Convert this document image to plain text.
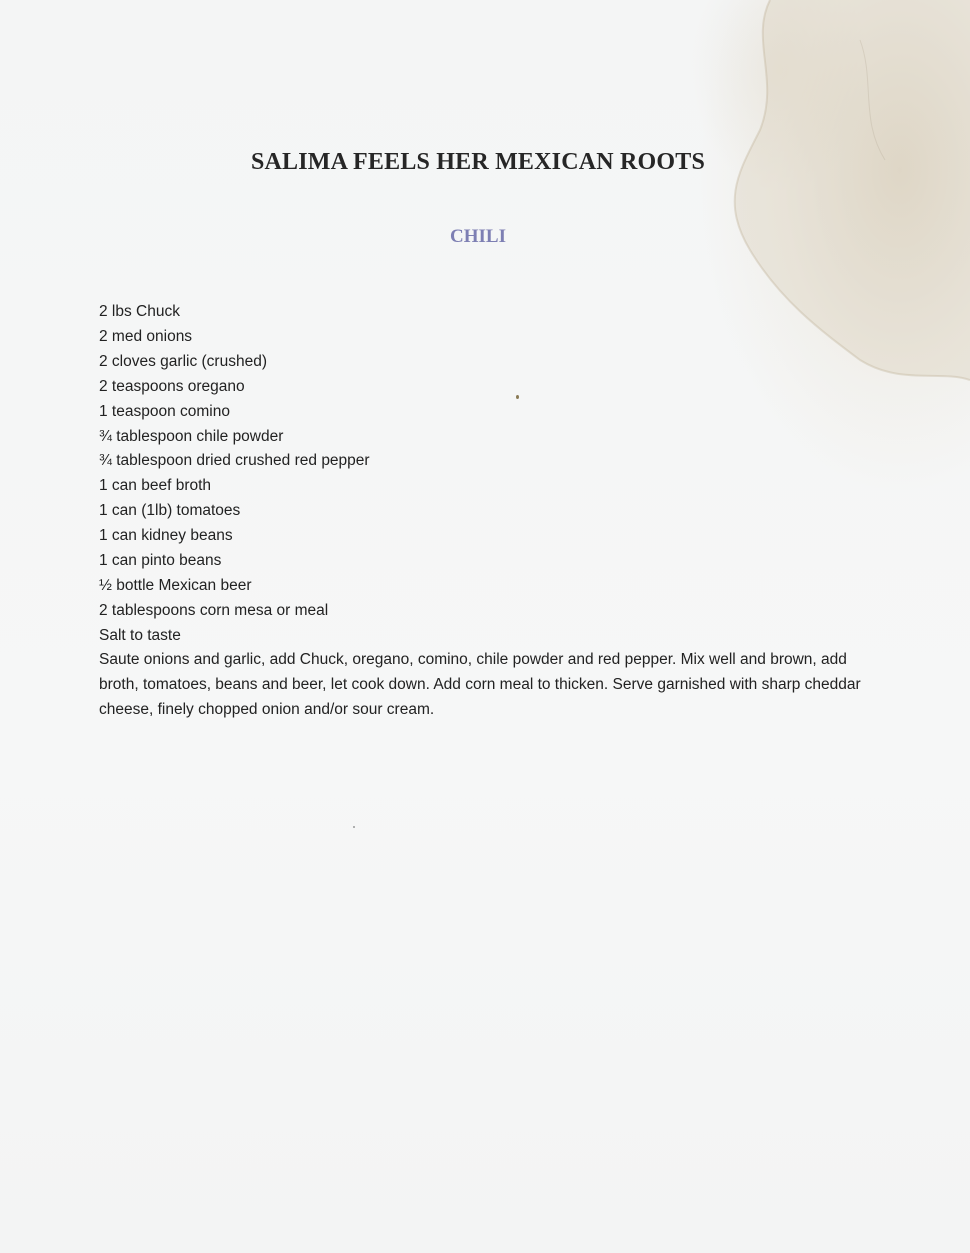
SALIMA FEELS HER MEXICAN ROOTS
CHILI
2 lbs Chuck
2 med onions
2 cloves garlic (crushed)
2 teaspoons oregano
1 teaspoon comino
¾ tablespoon chile powder
¾ tablespoon dried crushed red pepper
1 can beef broth
1 can (1lb) tomatoes
1 can kidney beans
1 can pinto beans
½ bottle Mexican beer
2 tablespoons corn mesa or meal
Salt to taste

Saute onions and garlic, add Chuck, oregano, comino, chile powder and red pepper. Mix well and brown, add broth, tomatoes, beans and beer, let cook down. Add corn meal to thicken. Serve garnished with sharp cheddar cheese, finely chopped onion and/or sour cream.
